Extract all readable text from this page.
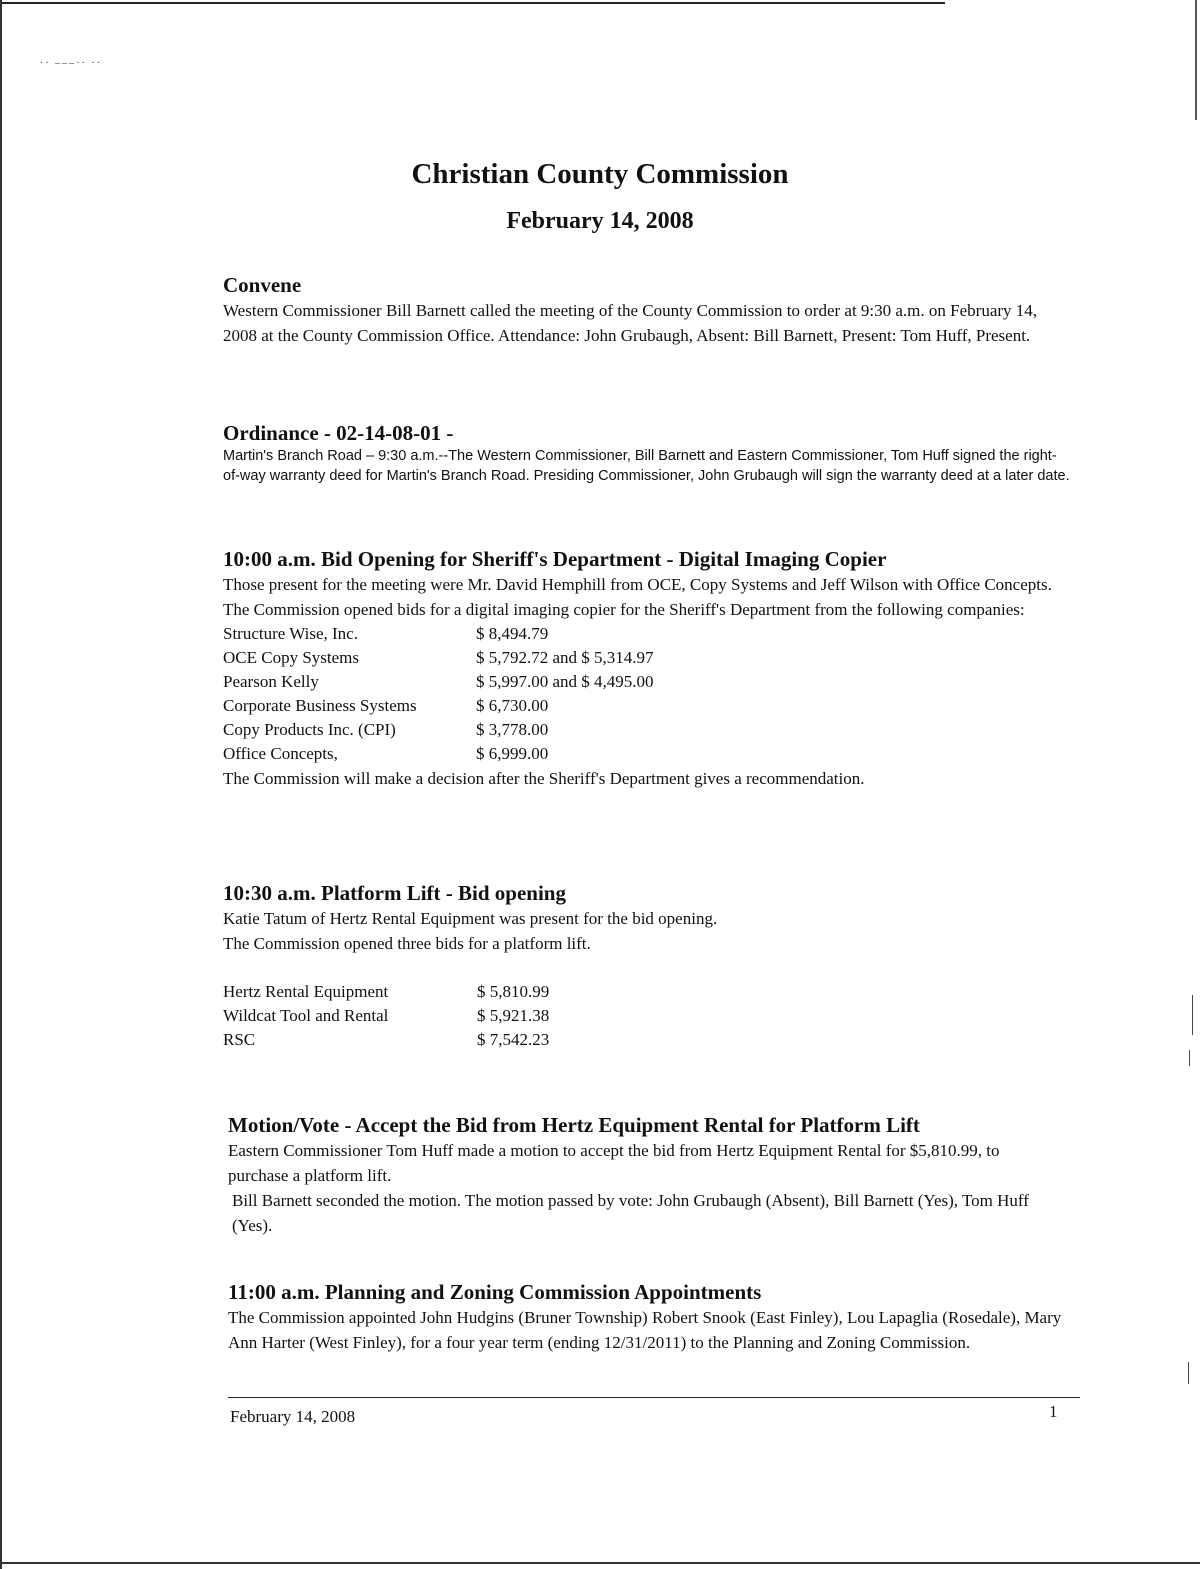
·· ‒‒‒·· ··
Christian County Commission
February 14, 2008
Convene

Western Commissioner Bill Barnett called the meeting of the County Commission to order at 9:30 a.m. on February 14, 2008 at the County Commission Office. Attendance: John Grubaugh, Absent: Bill Barnett, Present: Tom Huff, Present.

Ordinance - 02-14-08-01 -

Martin's Branch Road – 9:30 a.m.--The Western Commissioner, Bill Barnett and Eastern Commissioner, Tom Huff signed the right-of-way warranty deed for Martin's Branch Road. Presiding Commissioner, John Grubaugh will sign the warranty deed at a later date.

10:00 a.m. Bid Opening for Sheriff's Department - Digital Imaging Copier

Those present for the meeting were Mr. David Hemphill from OCE, Copy Systems and Jeff Wilson with Office Concepts.

The Commission opened bids for a digital imaging copier for the Sheriff's Department from the following companies:

Structure Wise, Inc.	$ 8,494.79
OCE Copy Systems	$ 5,792.72 and $ 5,314.97
Pearson Kelly	$ 5,997.00 and $ 4,495.00
Corporate Business Systems	$ 6,730.00
Copy Products Inc. (CPI)	$ 3,778.00
Office Concepts,	$ 6,999.00

The Commission will make a decision after the Sheriff's Department gives a recommendation.

10:30 a.m. Platform Lift - Bid opening

Katie Tatum of Hertz Rental Equipment was present for the bid opening.

The Commission opened three bids for a platform lift.

Hertz Rental Equipment	$ 5,810.99
Wildcat Tool and Rental	$ 5,921.38
RSC	$ 7,542.23
Motion/Vote - Accept the Bid from Hertz Equipment Rental for Platform Lift

Eastern Commissioner Tom Huff made a motion to accept the bid from Hertz Equipment Rental for $5,810.99, to purchase a platform lift.

Bill Barnett seconded the motion. The motion passed by vote: John Grubaugh (Absent), Bill Barnett (Yes), Tom Huff (Yes).

11:00 a.m. Planning and Zoning Commission Appointments

The Commission appointed John Hudgins (Bruner Township) Robert Snook (East Finley), Lou Lapaglia (Rosedale), Mary Ann Harter (West Finley), for a four year term (ending 12/31/2011) to the Planning and Zoning Commission.

February 14, 2008	1
